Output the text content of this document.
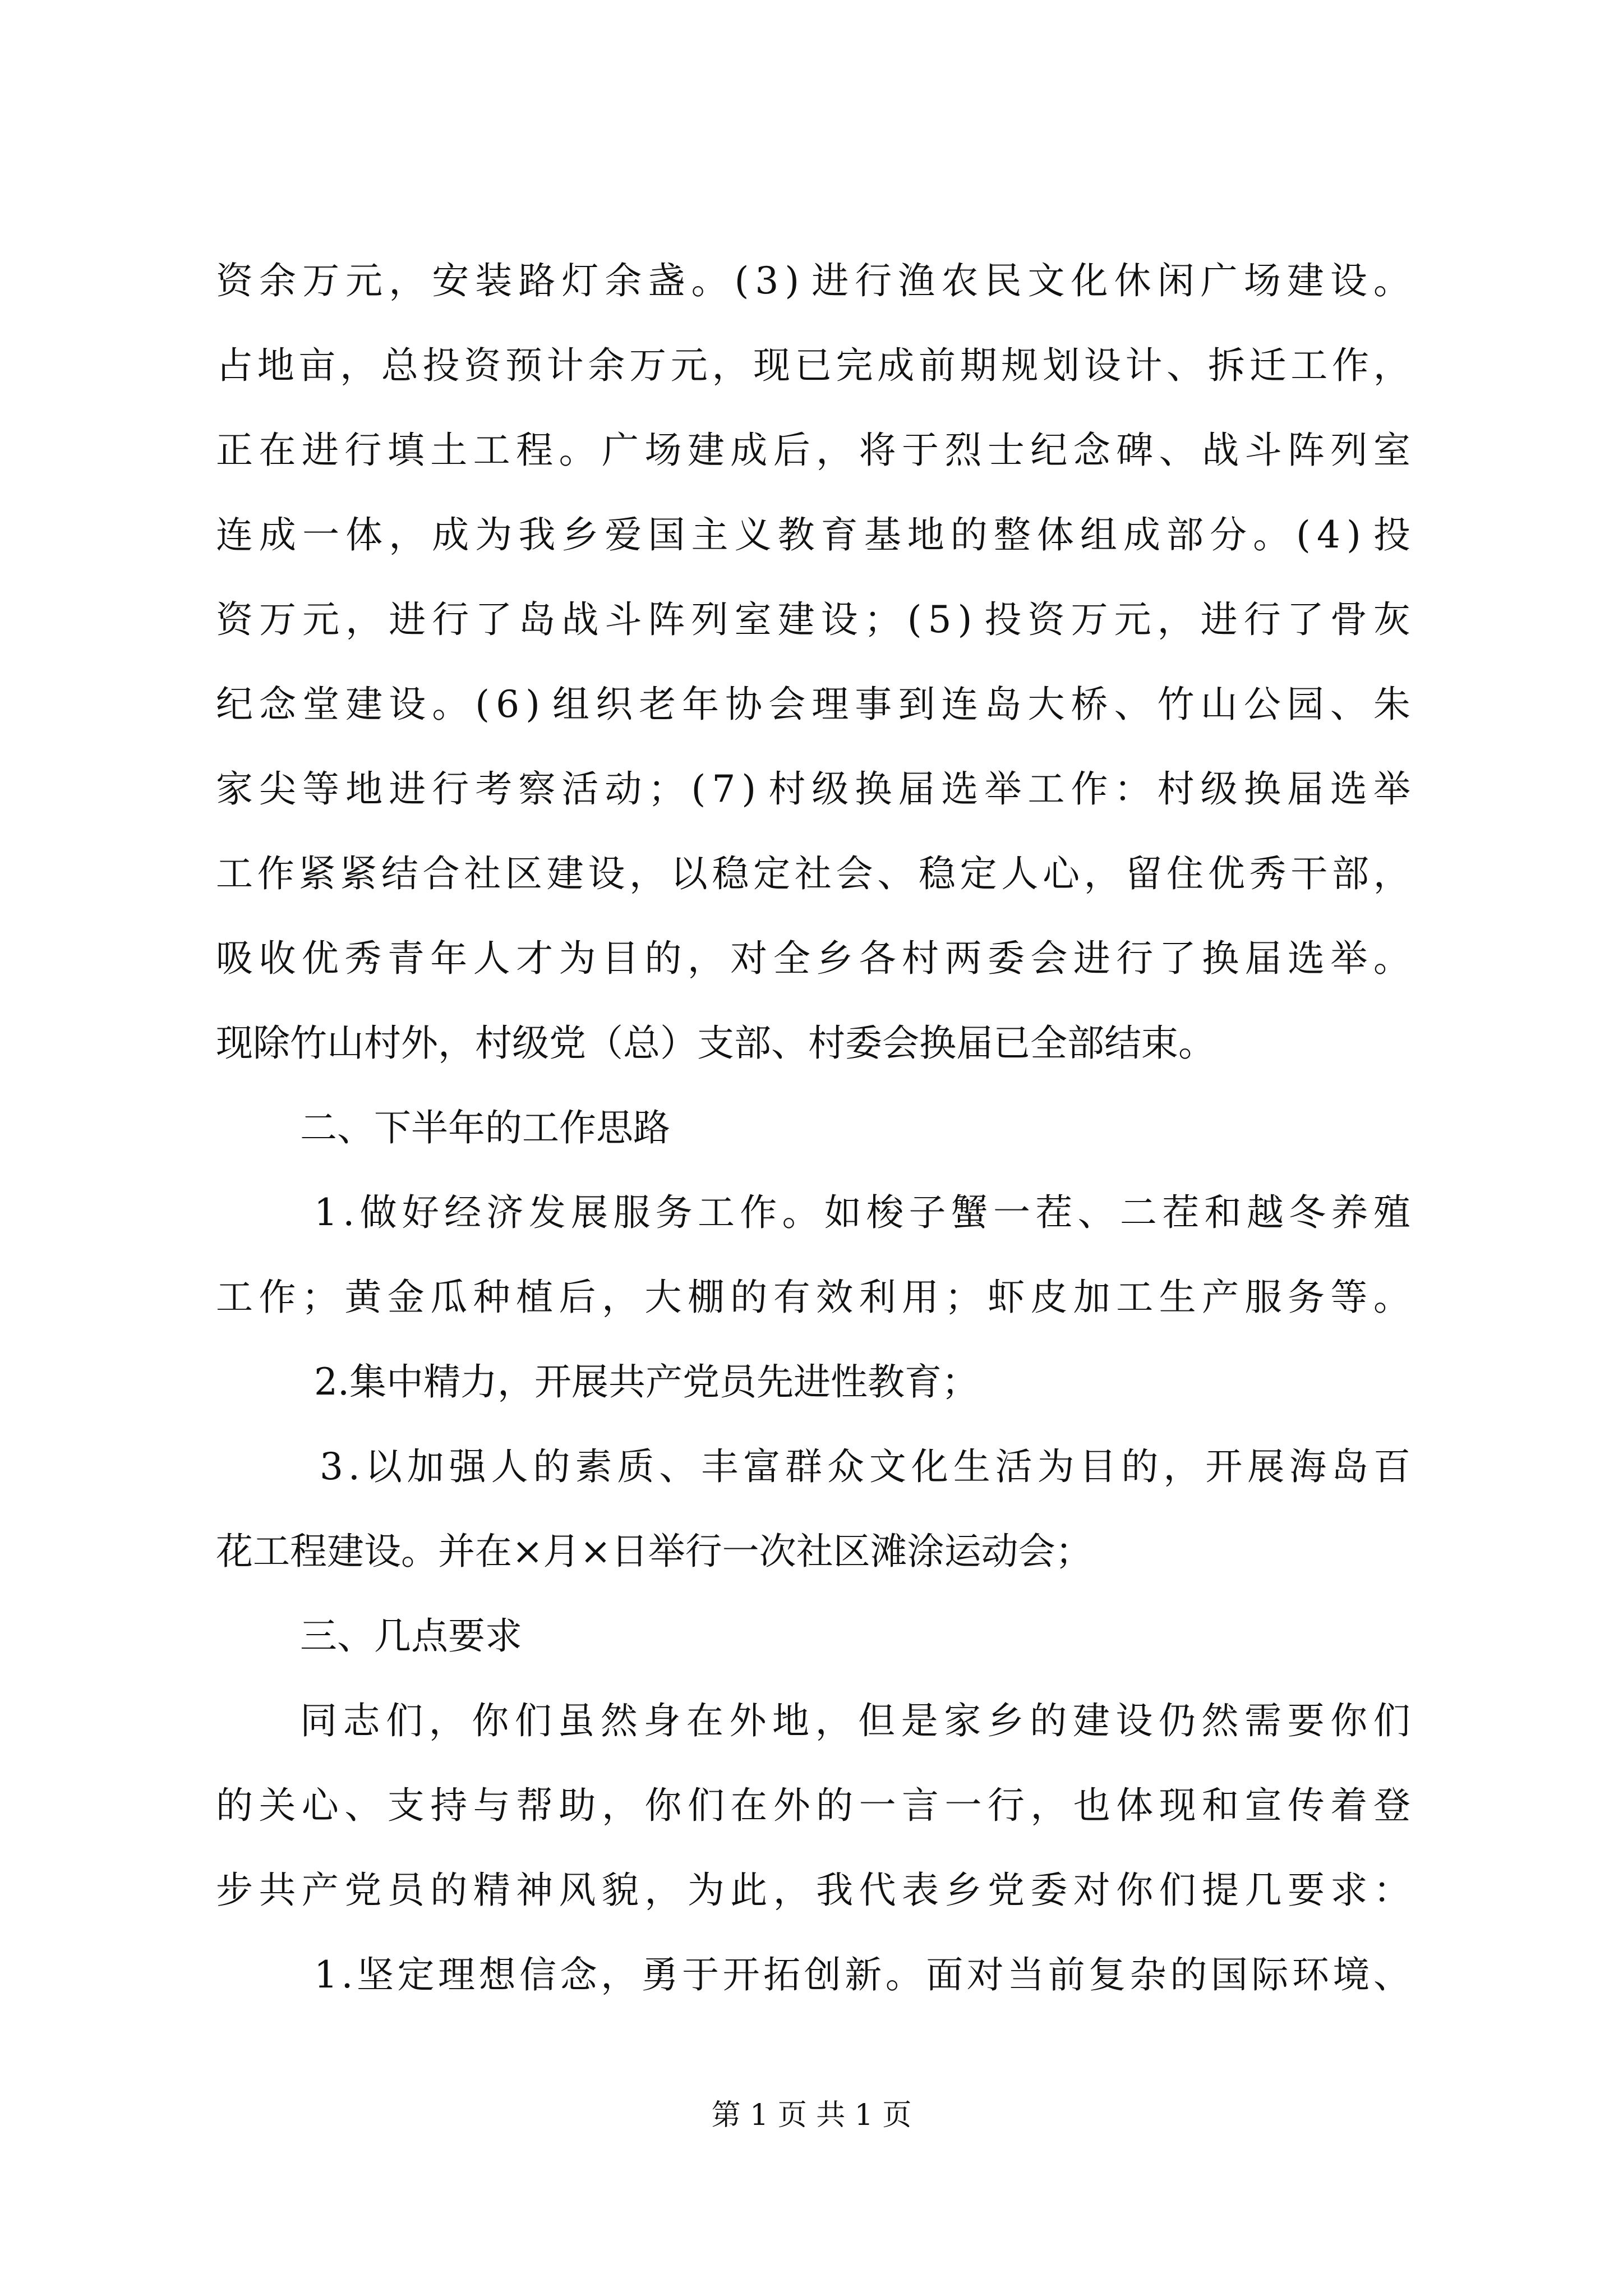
资 余 万 元 ， 安 装 路 灯 余 盏 。 ( 3 ) 进 行 渔 农 民 文 化 休 闲 广 场 建 设 。
占 地 亩 ， 总 投 资 预 计 余 万 元 ， 现 已 完 成 前 期 规 划 设 计 、 拆 迁 工 作 ，
正 在 进 行 填 土 工 程 。 广 场 建 成 后 ， 将 于 烈 士 纪 念 碑 、 战 斗 阵 列 室
连 成 一 体 ， 成 为 我 乡 爱 国 主 义 教 育 基 地 的 整 体 组 成 部 分 。 ( 4 ) 投
资 万 元 ， 进 行 了 岛 战 斗 阵 列 室 建 设 ； ( 5 ) 投 资 万 元 ， 进 行 了 骨 灰
纪 念 堂 建 设 。 ( 6 ) 组 织 老 年 协 会 理 事 到 连 岛 大 桥 、 竹 山 公 园 、 朱
家 尖 等 地 进 行 考 察 活 动 ； ( 7 ) 村 级 换 届 选 举 工 作 ： 村 级 换 届 选 举
工 作 紧 紧 结 合 社 区 建 设 ， 以 稳 定 社 会 、 稳 定 人 心 ， 留 住 优 秀 干 部 ，
吸 收 优 秀 青 年 人 才 为 目 的 ， 对 全 乡 各 村 两 委 会 进 行 了 换 届 选 举 。
现除竹山村外，村级党（总）支部、村委会换届已全部结束。
二、下半年的工作思路
1 . 做 好 经 济 发 展 服 务 工 作 。 如 梭 子 蟹 一 茬 、 二 茬 和 越 冬 养 殖
工 作 ； 黄 金 瓜 种 植 后 ， 大 棚 的 有 效 利 用 ； 虾 皮 加 工 生 产 服 务 等 。
2.集中精力，开展共产党员先进性教育；
3 . 以 加 强 人 的 素 质 、 丰 富 群 众 文 化 生 活 为 目 的 ， 开 展 海 岛 百
花工程建设。并在×月×日举行一次社区滩涂运动会；
三、几点要求
同 志 们 ， 你 们 虽 然 身 在 外 地 ， 但 是 家 乡 的 建 设 仍 然 需 要 你 们
的 关 心 、 支 持 与 帮 助 ， 你 们 在 外 的 一 言 一 行 ， 也 体 现 和 宣 传 着 登
步 共 产 党 员 的 精 神 风 貌 ， 为 此 ， 我 代 表 乡 党 委 对 你 们 提 几 要 求 ：
1 . 坚 定 理 想 信 念 ， 勇 于 开 拓 创 新 。 面 对 当 前 复 杂 的 国 际 环 境 、
第 1 页 共 1 页
